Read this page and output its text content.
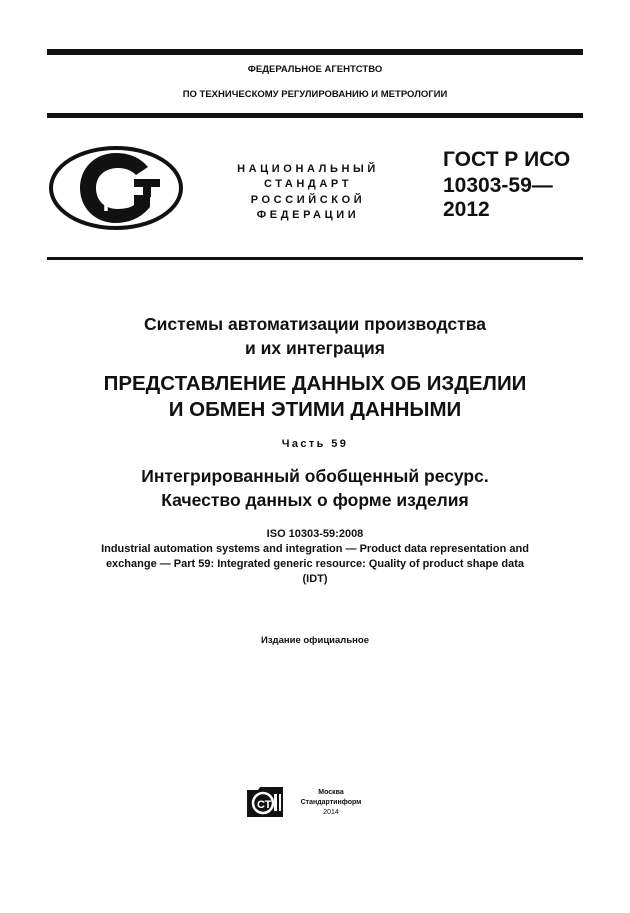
ФЕДЕРАЛЬНОЕ АГЕНТСТВО
ПО ТЕХНИЧЕСКОМУ РЕГУЛИРОВАНИЮ И МЕТРОЛОГИИ
НАЦИОНАЛЬНЫЙ
СТАНДАРТ
РОССИЙСКОЙ
ФЕДЕРАЦИИ
ГОСТ Р ИСО
10303-59—
2012
Системы автоматизации производства
и их интеграция
ПРЕДСТАВЛЕНИЕ ДАННЫХ ОБ ИЗДЕЛИИ
И ОБМЕН ЭТИМИ ДАННЫМИ
Часть 59
Интегрированный обобщенный ресурс.
Качество данных о форме изделия
ISO 10303-59:2008
Industrial automation systems and integration — Product data representation and
exchange — Part 59: Integrated generic resource: Quality of product shape data
(IDT)
Издание официальное
СТ
Москва
Стандартинформ
2014
